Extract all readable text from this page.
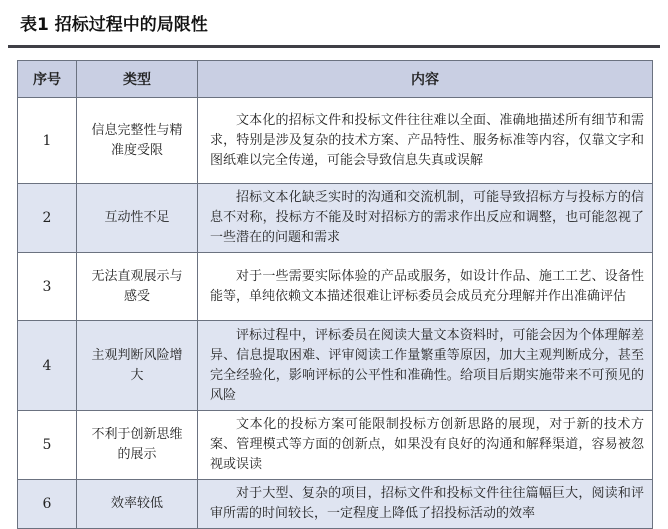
表1 招标过程中的局限性
序号	类型	内容
1	信息完整性与精准度受限	文本化的招标文件和投标文件往往难以全面、准确地描述所有细节和需求，特别是涉及复杂的技术方案、产品特性、服务标准等内容，仅靠文字和图纸难以完全传递，可能会导致信息失真或误解

2	互动性不足	招标文本化缺乏实时的沟通和交流机制，可能导致招标方与投标方的信息不对称，投标方不能及时对招标方的需求作出反应和调整，也可能忽视了一些潜在的问题和需求

3	无法直观展示与感受	对于一些需要实际体验的产品或服务，如设计作品、施工工艺、设备性能等，单纯依赖文本描述很难让评标委员会成员充分理解并作出准确评估

4	主观判断风险增大	评标过程中，评标委员在阅读大量文本资料时，可能会因为个体理解差异、信息提取困难、评审阅读工作量繁重等原因，加大主观判断成分，甚至完全经验化，影响评标的公平性和准确性。给项目后期实施带来不可预见的风险

5	不利于创新思维的展示	文本化的投标方案可能限制投标方创新思路的展现，对于新的技术方案、管理模式等方面的创新点，如果没有良好的沟通和解释渠道，容易被忽视或误读

6	效率较低	对于大型、复杂的项目，招标文件和投标文件往往篇幅巨大，阅读和评审所需的时间较长，一定程度上降低了招投标活动的效率
